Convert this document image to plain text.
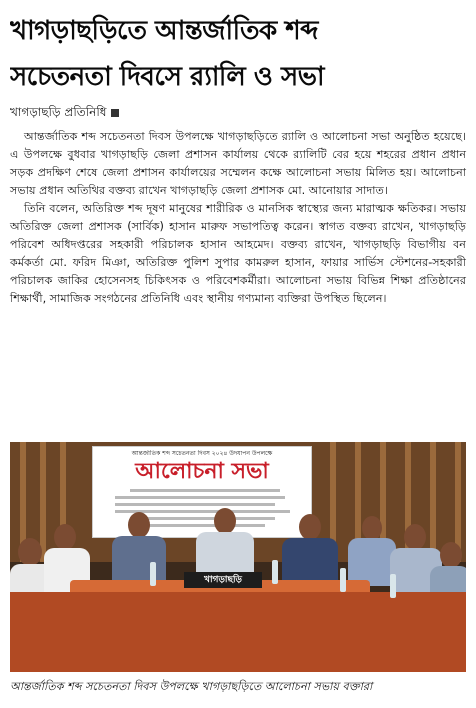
খাগড়াছড়িতে আন্তর্জাতিক শব্দ
সচেতনতা দিবসে র‍্যালি ও সভা
খাগড়াছড়ি প্রতিনিধি

আন্তর্জাতিক শব্দ সচেতনতা দিবস উপলক্ষে খাগড়াছড়িতে র‍্যালি ও আলোচনা সভা অনুষ্ঠিত হয়েছে। এ উপলক্ষে বুধবার খাগড়াছড়ি জেলা প্রশাসন কার্যালয় থেকে র‍্যালিটি বের হয়ে শহরের প্রধান প্রধান সড়ক প্রদক্ষিণ শেষে জেলা প্রশাসন কার্যালয়ের সম্মেলন কক্ষে আলোচনা সভায় মিলিত হয়। আলোচনা সভায় প্রধান অতিথির বক্তব্য রাখেন খাগড়াছড়ি জেলা প্রশাসক মো. আনোয়ার সাদাত।

তিনি বলেন, অতিরিক্ত শব্দ দূষণ মানুষের শারীরিক ও মানসিক স্বাস্থ্যের জন্য মারাত্মক ক্ষতিকর। সভায় অতিরিক্ত জেলা প্রশাসক (সার্বিক) হাসান মারুফ সভাপতিত্ব করেন। স্বাগত বক্তব্য রাখেন, খাগড়াছড়ি পরিবেশ অধিদপ্তরের সহকারী পরিচালক হাসান আহমেদ। বক্তব্য রাখেন, খাগড়াছড়ি বিভাগীয় বন কর্মকর্তা মো. ফরিদ মিঞা, অতিরিক্ত পুলিশ সুপার কামরুল হাসান, ফায়ার সার্ভিস স্টেশনের-সহকারী পরিচালক জাকির হোসেনসহ চিকিৎসক ও পরিবেশকর্মীরা। আলোচনা সভায় বিভিন্ন শিক্ষা প্রতিষ্ঠানের শিক্ষার্থী, সামাজিক সংগঠনের প্রতিনিধি এবং স্থানীয় গণ্যমান্য ব্যক্তিরা উপস্থিত ছিলেন।

আন্তর্জাতিক শব্দ সচেতনতা দিবস ২০২৪ উদযাপন উপলক্ষে
আলোচনা সভা
খাগড়াছড়ি
আন্তর্জাতিক শব্দ সচেতনতা দিবস উপলক্ষে খাগড়াছড়িতে আলোচনা সভায় বক্তারা
